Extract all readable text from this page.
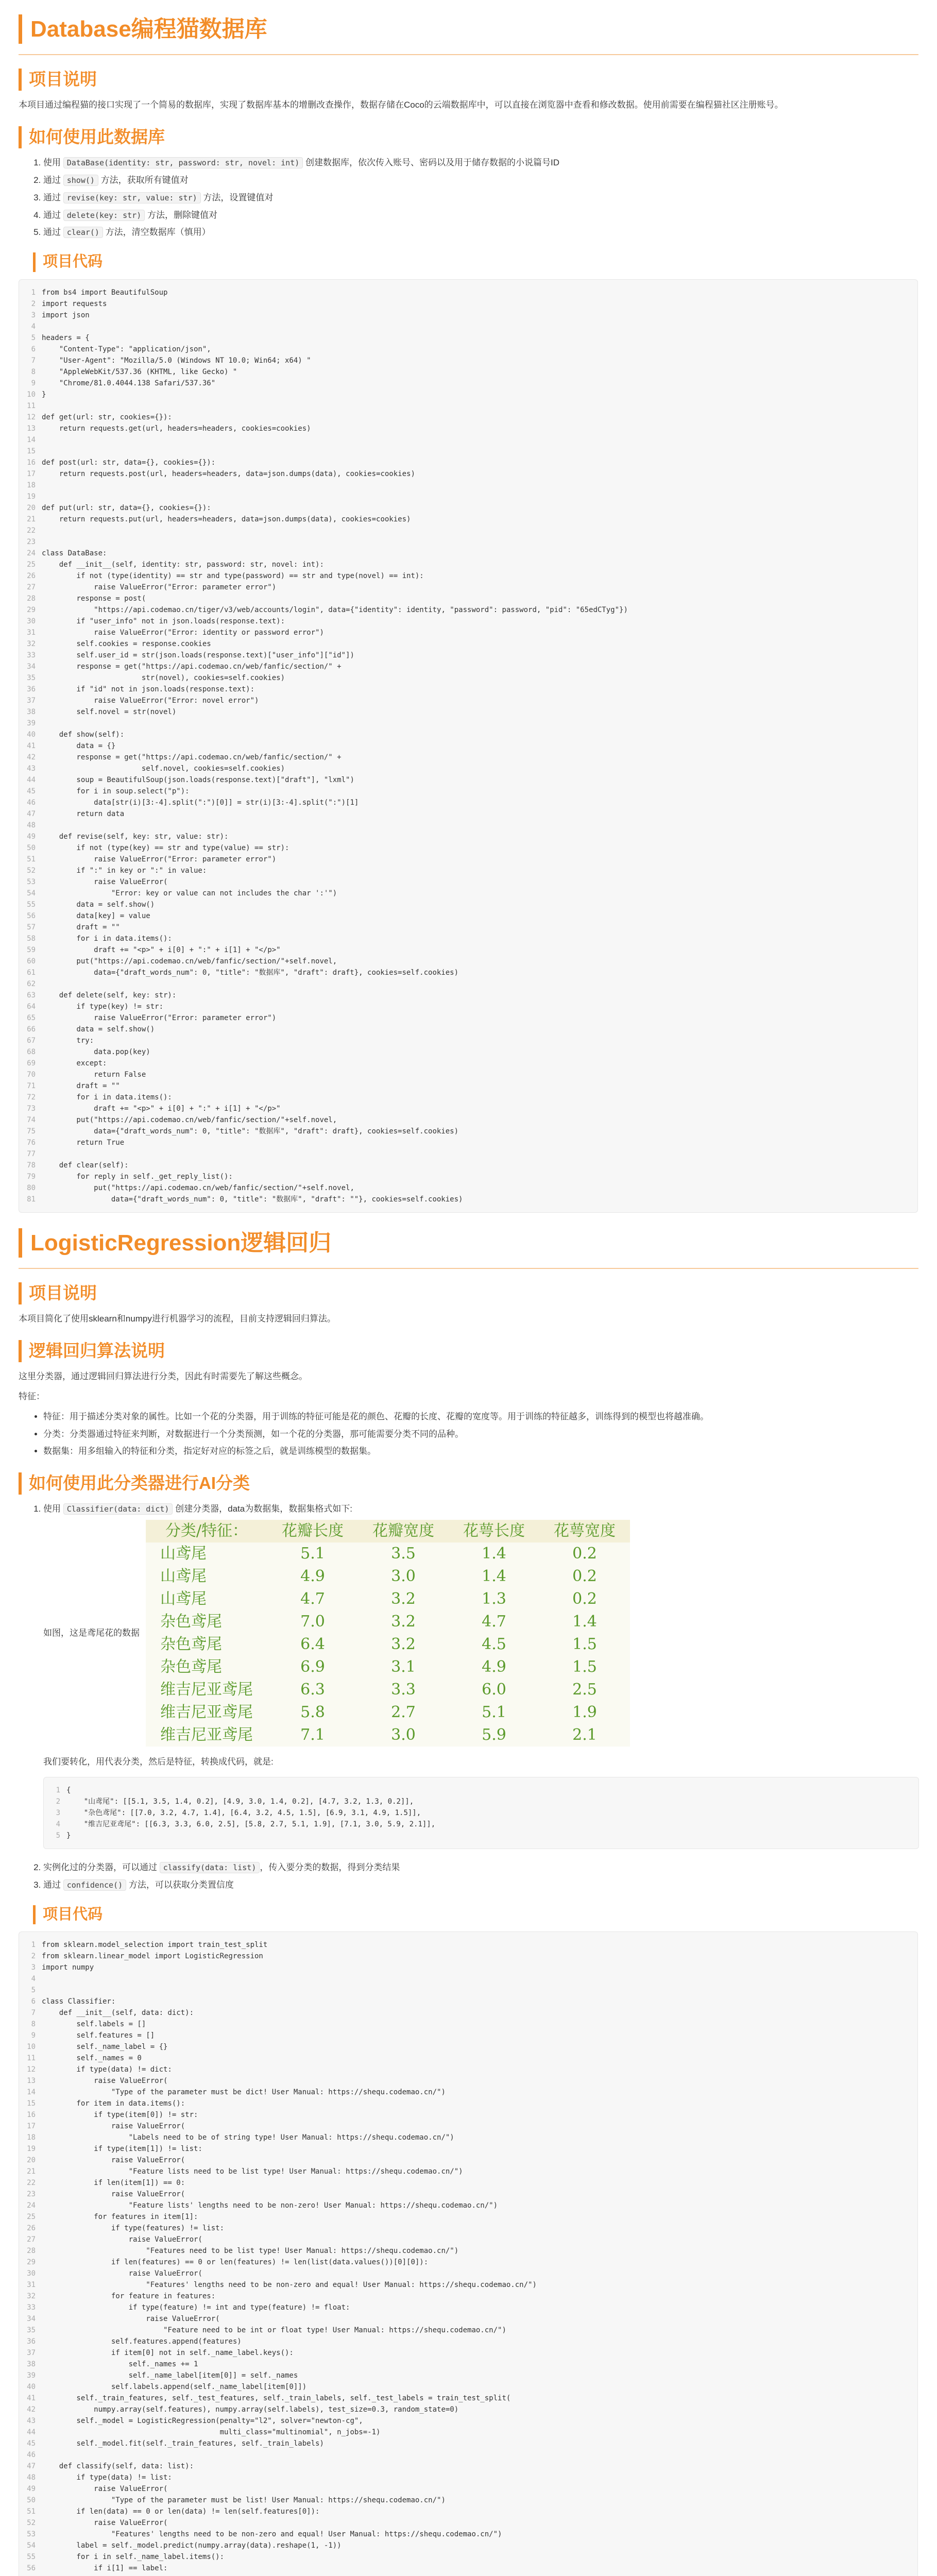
Database编程猫数据库
项目说明

本项目通过编程猫的接口实现了一个简易的数据库，实现了数据库基本的增删改查操作，数据存储在Coco的云端数据库中，可以直接在浏览器中查看和修改数据。使用前需要在编程猫社区注册账号。

如何使用此数据库
1. 使用 DataBase(identity: str, password: str, novel: int) 创建数据库，依次传入账号、密码以及用于储存数据的小说篇号ID
2. 通过 show() 方法，获取所有键值对
3. 通过 revise(key: str, value: str) 方法，设置键值对
4. 通过 delete(key: str) 方法，删除键值对
5. 通过 clear() 方法，清空数据库（慎用）
项目代码
1 from bs4 import BeautifulSoup
2 import requests
3 import json
4
5 headers = {
6    "Content-Type": "application/json",
7    "User-Agent": "Mozilla/5.0 (Windows NT 10.0; Win64; x64) "
8    "AppleWebKit/537.36 (KHTML, like Gecko) "
9    "Chrome/81.0.4044.138 Safari/537.36"
10 }
11
12 def get(url: str, cookies={}):
13    return requests.get(url, headers=headers, cookies=cookies)
14
15
16 def post(url: str, data={}, cookies={}):
17    return requests.post(url, headers=headers, data=json.dumps(data), cookies=cookies)
18
19
20 def put(url: str, data={}, cookies={}):
21    return requests.put(url, headers=headers, data=json.dumps(data), cookies=cookies)
22
23
24 class DataBase:
25    def __init__(self, identity: str, password: str, novel: int):
26        if not (type(identity) == str and type(password) == str and type(novel) == int):
27            raise ValueError("Error: parameter error")
28        response = post(
29            "https://api.codemao.cn/tiger/v3/web/accounts/login", data={"identity": identity, "password": password, "pid": "65edCTyg"})
30        if "user_info" not in json.loads(response.text):
31            raise ValueError("Error: identity or password error")
32        self.cookies = response.cookies
33        self.user_id = str(json.loads(response.text)["user_info"]["id"])
34        response = get("https://api.codemao.cn/web/fanfic/section/" +
35                       str(novel), cookies=self.cookies)
36        if "id" not in json.loads(response.text):
37            raise ValueError("Error: novel error")
38        self.novel = str(novel)
39
40    def show(self):
41        data = {}
42        response = get("https://api.codemao.cn/web/fanfic/section/" +
43                       self.novel, cookies=self.cookies)
44        soup = BeautifulSoup(json.loads(response.text)["draft"], "lxml")
45        for i in soup.select("p"):
46            data[str(i)[3:-4].split(":")[0]] = str(i)[3:-4].split(":")[1]
47        return data
48
49    def revise(self, key: str, value: str):
50        if not (type(key) == str and type(value) == str):
51            raise ValueError("Error: parameter error")
52        if ":" in key or ":" in value:
53            raise ValueError(
54                "Error: key or value can not includes the char ':'")
55        data = self.show()
56        data[key] = value
57        draft = ""
58        for i in data.items():
59            draft += "<p>" + i[0] + ":" + i[1] + "</p>"
60        put("https://api.codemao.cn/web/fanfic/section/"+self.novel,
61            data={"draft_words_num": 0, "title": "数据库", "draft": draft}, cookies=self.cookies)
62
63    def delete(self, key: str):
64        if type(key) != str:
65            raise ValueError("Error: parameter error")
66        data = self.show()
67        try:
68            data.pop(key)
69        except:
70            return False
71        draft = ""
72        for i in data.items():
73            draft += "<p>" + i[0] + ":" + i[1] + "</p>"
74        put("https://api.codemao.cn/web/fanfic/section/"+self.novel,
75            data={"draft_words_num": 0, "title": "数据库", "draft": draft}, cookies=self.cookies)
76        return True
77
78    def clear(self):
79        for reply in self._get_reply_list():
80            put("https://api.codemao.cn/web/fanfic/section/"+self.novel,
81                data={"draft_words_num": 0, "title": "数据库", "draft": ""}, cookies=self.cookies)
LogisticRegression逻辑回归
项目说明

本项目简化了使用sklearn和numpy进行机器学习的流程，目前支持逻辑回归算法。

逻辑回归算法说明

这里分类器，通过逻辑回归算法进行分类，因此有时需要先了解这些概念。

特征：

• 特征：用于描述分类对象的属性。比如一个花的分类器，用于训练的特征可能是花的颜色、花瓣的长度、花瓣的宽度等。用于训练的特征越多，训练得到的模型也将越准确。
• 分类：分类器通过特征来判断，对数据进行一个分类预测，如一个花的分类器，那可能需要分类不同的品种。
• 数据集：用多组输入的特征和分类，指定好对应的标签之后，就是训练模型的数据集。
如何使用此分类器进行AI分类
1. 使用 Classifier(data: dict) 创建分类器，data为数据集，数据集格式如下:
如图，这是鸢尾花的数据
分类/特征：	花瓣长度	花瓣宽度	花萼长度	花萼宽度
山鸢尾	5.1	3.5	1.4	0.2
山鸢尾	4.9	3.0	1.4	0.2
山鸢尾	4.7	3.2	1.3	0.2
杂色鸢尾	7.0	3.2	4.7	1.4
杂色鸢尾	6.4	3.2	4.5	1.5
杂色鸢尾	6.9	3.1	4.9	1.5
维吉尼亚鸢尾	6.3	3.3	6.0	2.5
维吉尼亚鸢尾	5.8	2.7	5.1	1.9
维吉尼亚鸢尾	7.1	3.0	5.9	2.1

我们要转化，用代表分类，然后是特征，转换成代码，就是:

1 {
2    "山鸢尾": [[5.1, 3.5, 1.4, 0.2], [4.9, 3.0, 1.4, 0.2], [4.7, 3.2, 1.3, 0.2]],
3    "杂色鸢尾": [[7.0, 3.2, 4.7, 1.4], [6.4, 3.2, 4.5, 1.5], [6.9, 3.1, 4.9, 1.5]],
4    "维吉尼亚鸢尾": [[6.3, 3.3, 6.0, 2.5], [5.8, 2.7, 5.1, 1.9], [7.1, 3.0, 5.9, 2.1]],
5 }
2. 实例化过的分类器，可以通过 classify(data: list) ，传入要分类的数据，得到分类结果
3. 通过 confidence() 方法，可以获取分类置信度
项目代码
1 from sklearn.model_selection import train_test_split
2 from sklearn.linear_model import LogisticRegression
3 import numpy
4
5
6 class Classifier:
7    def __init__(self, data: dict):
8        self.labels = []
9        self.features = []
10        self._name_label = {}
11        self._names = 0
12        if type(data) != dict:
13            raise ValueError(
14                "Type of the parameter must be dict! User Manual: https://shequ.codemao.cn/")
15        for item in data.items():
16            if type(item[0]) != str:
17                raise ValueError(
18                    "Labels need to be of string type! User Manual: https://shequ.codemao.cn/")
19            if type(item[1]) != list:
20                raise ValueError(
21                    "Feature lists need to be list type! User Manual: https://shequ.codemao.cn/")
22            if len(item[1]) == 0:
23                raise ValueError(
24                    "Feature lists' lengths need to be non-zero! User Manual: https://shequ.codemao.cn/")
25            for features in item[1]:
26                if type(features) != list:
27                    raise ValueError(
28                        "Features need to be list type! User Manual: https://shequ.codemao.cn/")
29                if len(features) == 0 or len(features) != len(list(data.values())[0][0]):
30                    raise ValueError(
31                        "Features' lengths need to be non-zero and equal! User Manual: https://shequ.codemao.cn/")
32                for feature in features:
33                    if type(feature) != int and type(feature) != float:
34                        raise ValueError(
35                            "Feature need to be int or float type! User Manual: https://shequ.codemao.cn/")
36                self.features.append(features)
37                if item[0] not in self._name_label.keys():
38                    self._names += 1
39                    self._name_label[item[0]] = self._names
40                self.labels.append(self._name_label[item[0]])
41        self._train_features, self._test_features, self._train_labels, self._test_labels = train_test_split(
42            numpy.array(self.features), numpy.array(self.labels), test_size=0.3, random_state=0)
43        self._model = LogisticRegression(penalty="l2", solver="newton-cg",
44                                         multi_class="multinomial", n_jobs=-1)
45        self._model.fit(self._train_features, self._train_labels)
46
47    def classify(self, data: list):
48        if type(data) != list:
49            raise ValueError(
50                "Type of the parameter must be list! User Manual: https://shequ.codemao.cn/")
51        if len(data) == 0 or len(data) != len(self.features[0]):
52            raise ValueError(
53                "Features' lengths need to be non-zero and equal! User Manual: https://shequ.codemao.cn/")
54        label = self._model.predict(numpy.array(data).reshape(1, -1))
55        for i in self._name_label.items():
56            if i[1] == label:
